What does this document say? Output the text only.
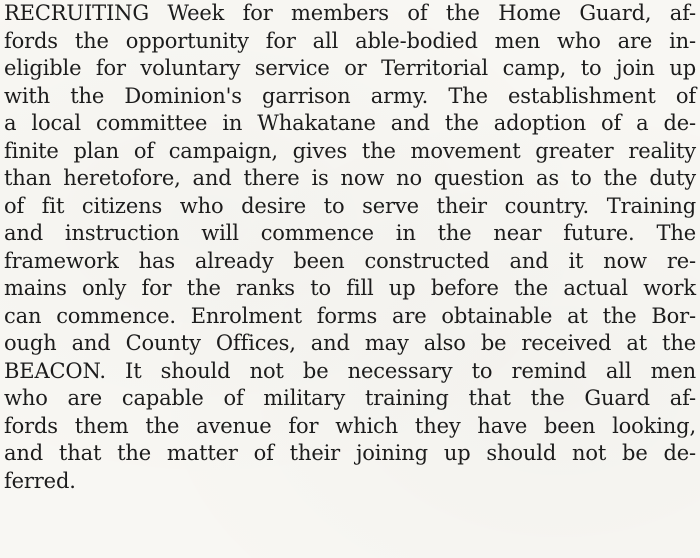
RECRUITING Week for members of the Home Guard, af-
fords the opportunity for all able-bodied men who are in-
eligible for voluntary service or Territorial camp, to join up
with the Dominion's garrison army. The establishment of
a local committee in Whakatane and the adoption of a de-
finite plan of campaign, gives the movement greater reality
than heretofore, and there is now no question as to the duty
of fit citizens who desire to serve their country. Training
and instruction will commence in the near future. The
framework has already been constructed and it now re-
mains only for the ranks to fill up before the actual work
can commence. Enrolment forms are obtainable at the Bor-
ough and County Offices, and may also be received at the
BEACON. It should not be necessary to remind all men
who are capable of military training that the Guard af-
fords them the avenue for which they have been looking,
and that the matter of their joining up should not be de-
ferred.
